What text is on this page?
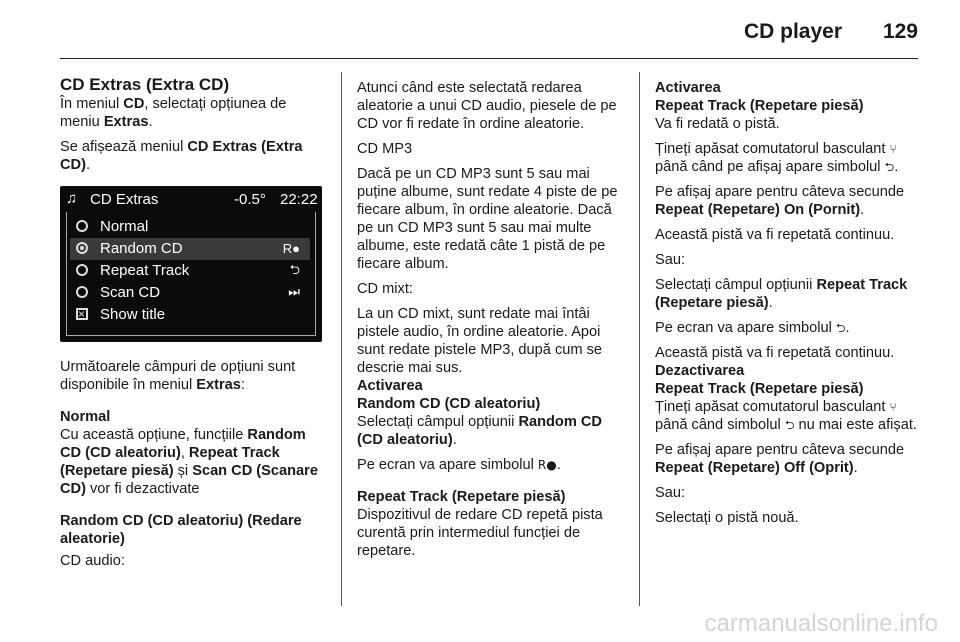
CD player 129
CD Extras (Extra CD)

În meniul CD, selectați opțiunea de meniu Extras.

Se afișează meniul CD Extras (Extra CD).

♫ CD Extras	-0.5° 22:22
Normal
Random CD	R●
Repeat Track	⮌
Scan CD	⏭
×
Show title

Următoarele câmpuri de opțiuni sunt disponibile în meniul Extras:

Normal

Cu această opțiune, funcțiile Random CD (CD aleatoriu), Repeat Track (Repetare piesă) și Scan CD (Scanare CD) vor fi dezactivate

Random CD (CD aleatoriu) (Redare aleatorie)

CD audio:

Atunci când este selectată redarea aleatorie a unui CD audio, piesele de pe CD vor fi redate în ordine aleatorie.

CD MP3

Dacă pe un CD MP3 sunt 5 sau mai puține albume, sunt redate 4 piste de pe fiecare album, în ordine aleatorie. Dacă pe un CD MP3 sunt 5 sau mai multe albume, este redată câte 1 pistă de pe fiecare album.

CD mixt:

La un CD mixt, sunt redate mai întâi pistele audio, în ordine aleatorie. Apoi sunt redate pistele MP3, după cum se descrie mai sus.

Activarea
Random CD (CD aleatoriu)

Selectați câmpul opțiunii Random CD (CD aleatoriu).

Pe ecran va apare simbolul R●.

Repeat Track (Repetare piesă)

Dispozitivul de redare CD repetă pista curentă prin intermediul funcției de repetare.

Activarea
Repeat Track (Repetare piesă)

Va fi redată o pistă.

Țineți apăsat comutatorul basculant ⑂ până când pe afișaj apare simbolul ⮌.

Pe afișaj apare pentru câteva secunde Repeat (Repetare) On (Pornit).

Această pistă va fi repetată continuu.

Sau:

Selectați câmpul opțiunii Repeat Track (Repetare piesă).

Pe ecran va apare simbolul ⮌.

Această pistă va fi repetată continuu.

Dezactivarea
Repeat Track (Repetare piesă)

Țineți apăsat comutatorul basculant ⑂ până când simbolul ⮌ nu mai este afișat.

Pe afișaj apare pentru câteva secunde Repeat (Repetare) Off (Oprit).

Sau:

Selectați o pistă nouă.

carmanualsonline.info
